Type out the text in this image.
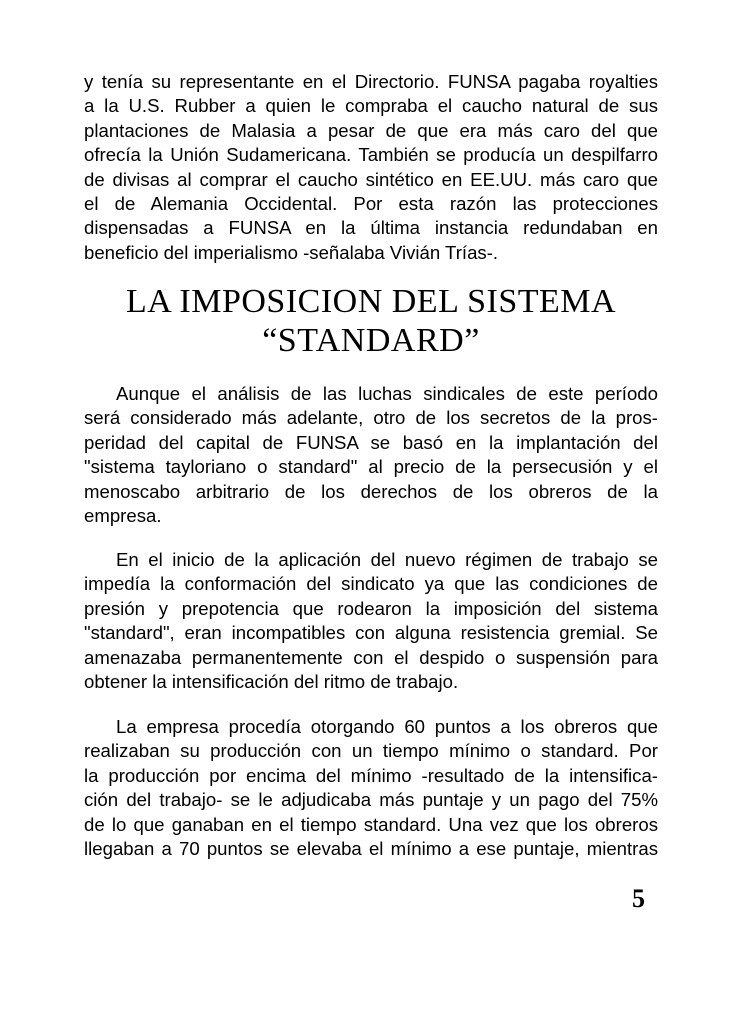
y tenía su representante en el Directorio. FUNSA pagaba royalties
a la U.S. Rubber a quien le compraba el caucho natural de sus
plantaciones de Malasia a pesar de que era más caro del que
ofrecía la Unión Sudamericana. También se producía un despilfarro
de divisas al comprar el caucho sintético en EE.UU. más caro que
el de Alemania Occidental. Por esta razón las protecciones
dispensadas a FUNSA en la última instancia redundaban en
beneficio del imperialismo -señalaba Vivián Trías-.

LA IMPOSICION DEL SISTEMA
“STANDARD”

Aunque el análisis de las luchas sindicales de este período
será considerado más adelante, otro de los secretos de la pros-
peridad del capital de FUNSA se basó en la implantación del
"sistema tayloriano o standard" al precio de la persecusión y el
menoscabo arbitrario de los derechos de los obreros de la
empresa.

En el inicio de la aplicación del nuevo régimen de trabajo se
impedía la conformación del sindicato ya que las condiciones de
presión y prepotencia que rodearon la imposición del sistema
"standard", eran incompatibles con alguna resistencia gremial. Se
amenazaba permanentemente con el despido o suspensión para
obtener la intensificación del ritmo de trabajo.

La empresa procedía otorgando 60 puntos a los obreros que
realizaban su producción con un tiempo mínimo o standard. Por
la producción por encima del mínimo -resultado de la intensifica-
ción del trabajo- se le adjudicaba más puntaje y un pago del 75%
de lo que ganaban en el tiempo standard. Una vez que los obreros
llegaban a 70 puntos se elevaba el mínimo a ese puntaje, mientras

5
